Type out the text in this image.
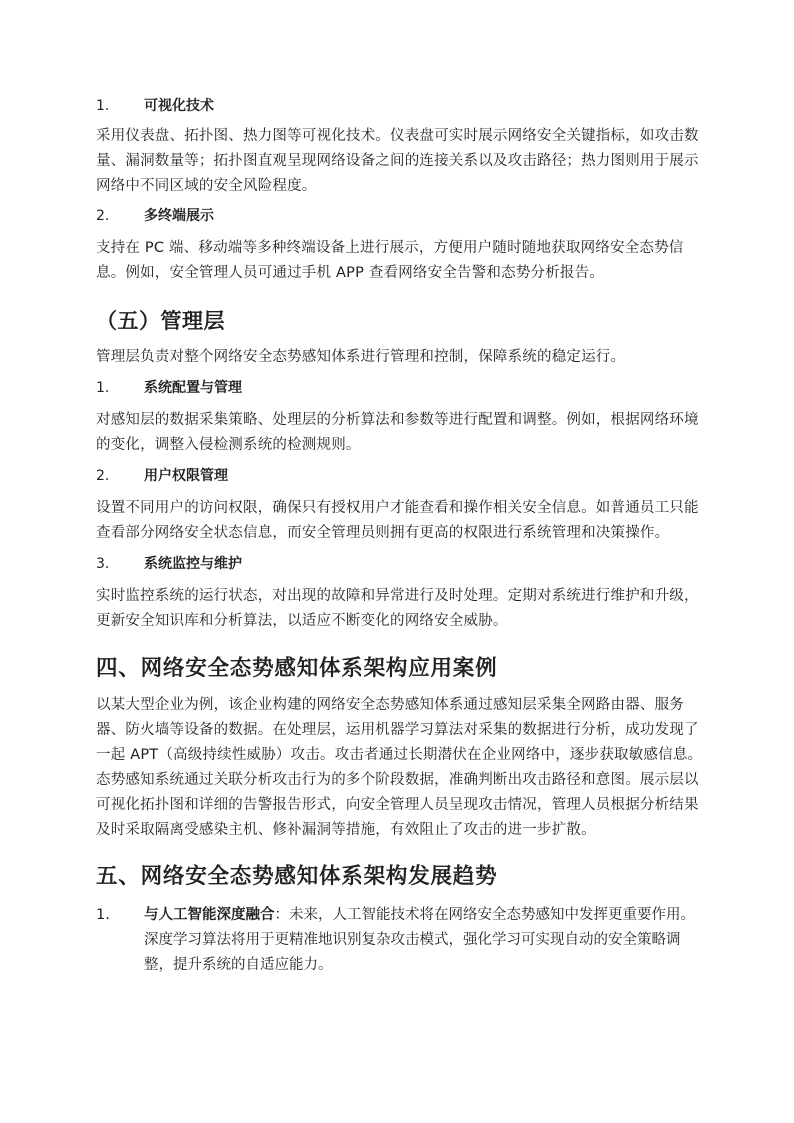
1. 可视化技术
采用仪表盘、拓扑图、热力图等可视化技术。仪表盘可实时展示网络安全关键指标，如攻击数量、漏洞数量等；拓扑图直观呈现网络设备之间的连接关系以及攻击路径；热力图则用于展示网络中不同区域的安全风险程度。
2. 多终端展示
支持在 PC 端、移动端等多种终端设备上进行展示，方便用户随时随地获取网络安全态势信息。例如，安全管理人员可通过手机 APP 查看网络安全告警和态势分析报告。
（五）管理层
管理层负责对整个网络安全态势感知体系进行管理和控制，保障系统的稳定运行。
1. 系统配置与管理
对感知层的数据采集策略、处理层的分析算法和参数等进行配置和调整。例如，根据网络环境的变化，调整入侵检测系统的检测规则。
2. 用户权限管理
设置不同用户的访问权限，确保只有授权用户才能查看和操作相关安全信息。如普通员工只能查看部分网络安全状态信息，而安全管理员则拥有更高的权限进行系统管理和决策操作。
3. 系统监控与维护
实时监控系统的运行状态，对出现的故障和异常进行及时处理。定期对系统进行维护和升级，更新安全知识库和分析算法，以适应不断变化的网络安全威胁。
四、网络安全态势感知体系架构应用案例
以某大型企业为例，该企业构建的网络安全态势感知体系通过感知层采集全网路由器、服务器、防火墙等设备的数据。在处理层，运用机器学习算法对采集的数据进行分析，成功发现了一起 APT（高级持续性威胁）攻击。攻击者通过长期潜伏在企业网络中，逐步获取敏感信息。态势感知系统通过关联分析攻击行为的多个阶段数据，准确判断出攻击路径和意图。展示层以可视化拓扑图和详细的告警报告形式，向安全管理人员呈现攻击情况，管理人员根据分析结果及时采取隔离受感染主机、修补漏洞等措施，有效阻止了攻击的进一步扩散。
五、网络安全态势感知体系架构发展趋势
1. 与人工智能深度融合：未来，人工智能技术将在网络安全态势感知中发挥更重要作用。深度学习算法将用于更精准地识别复杂攻击模式，强化学习可实现自动的安全策略调整，提升系统的自适应能力。
